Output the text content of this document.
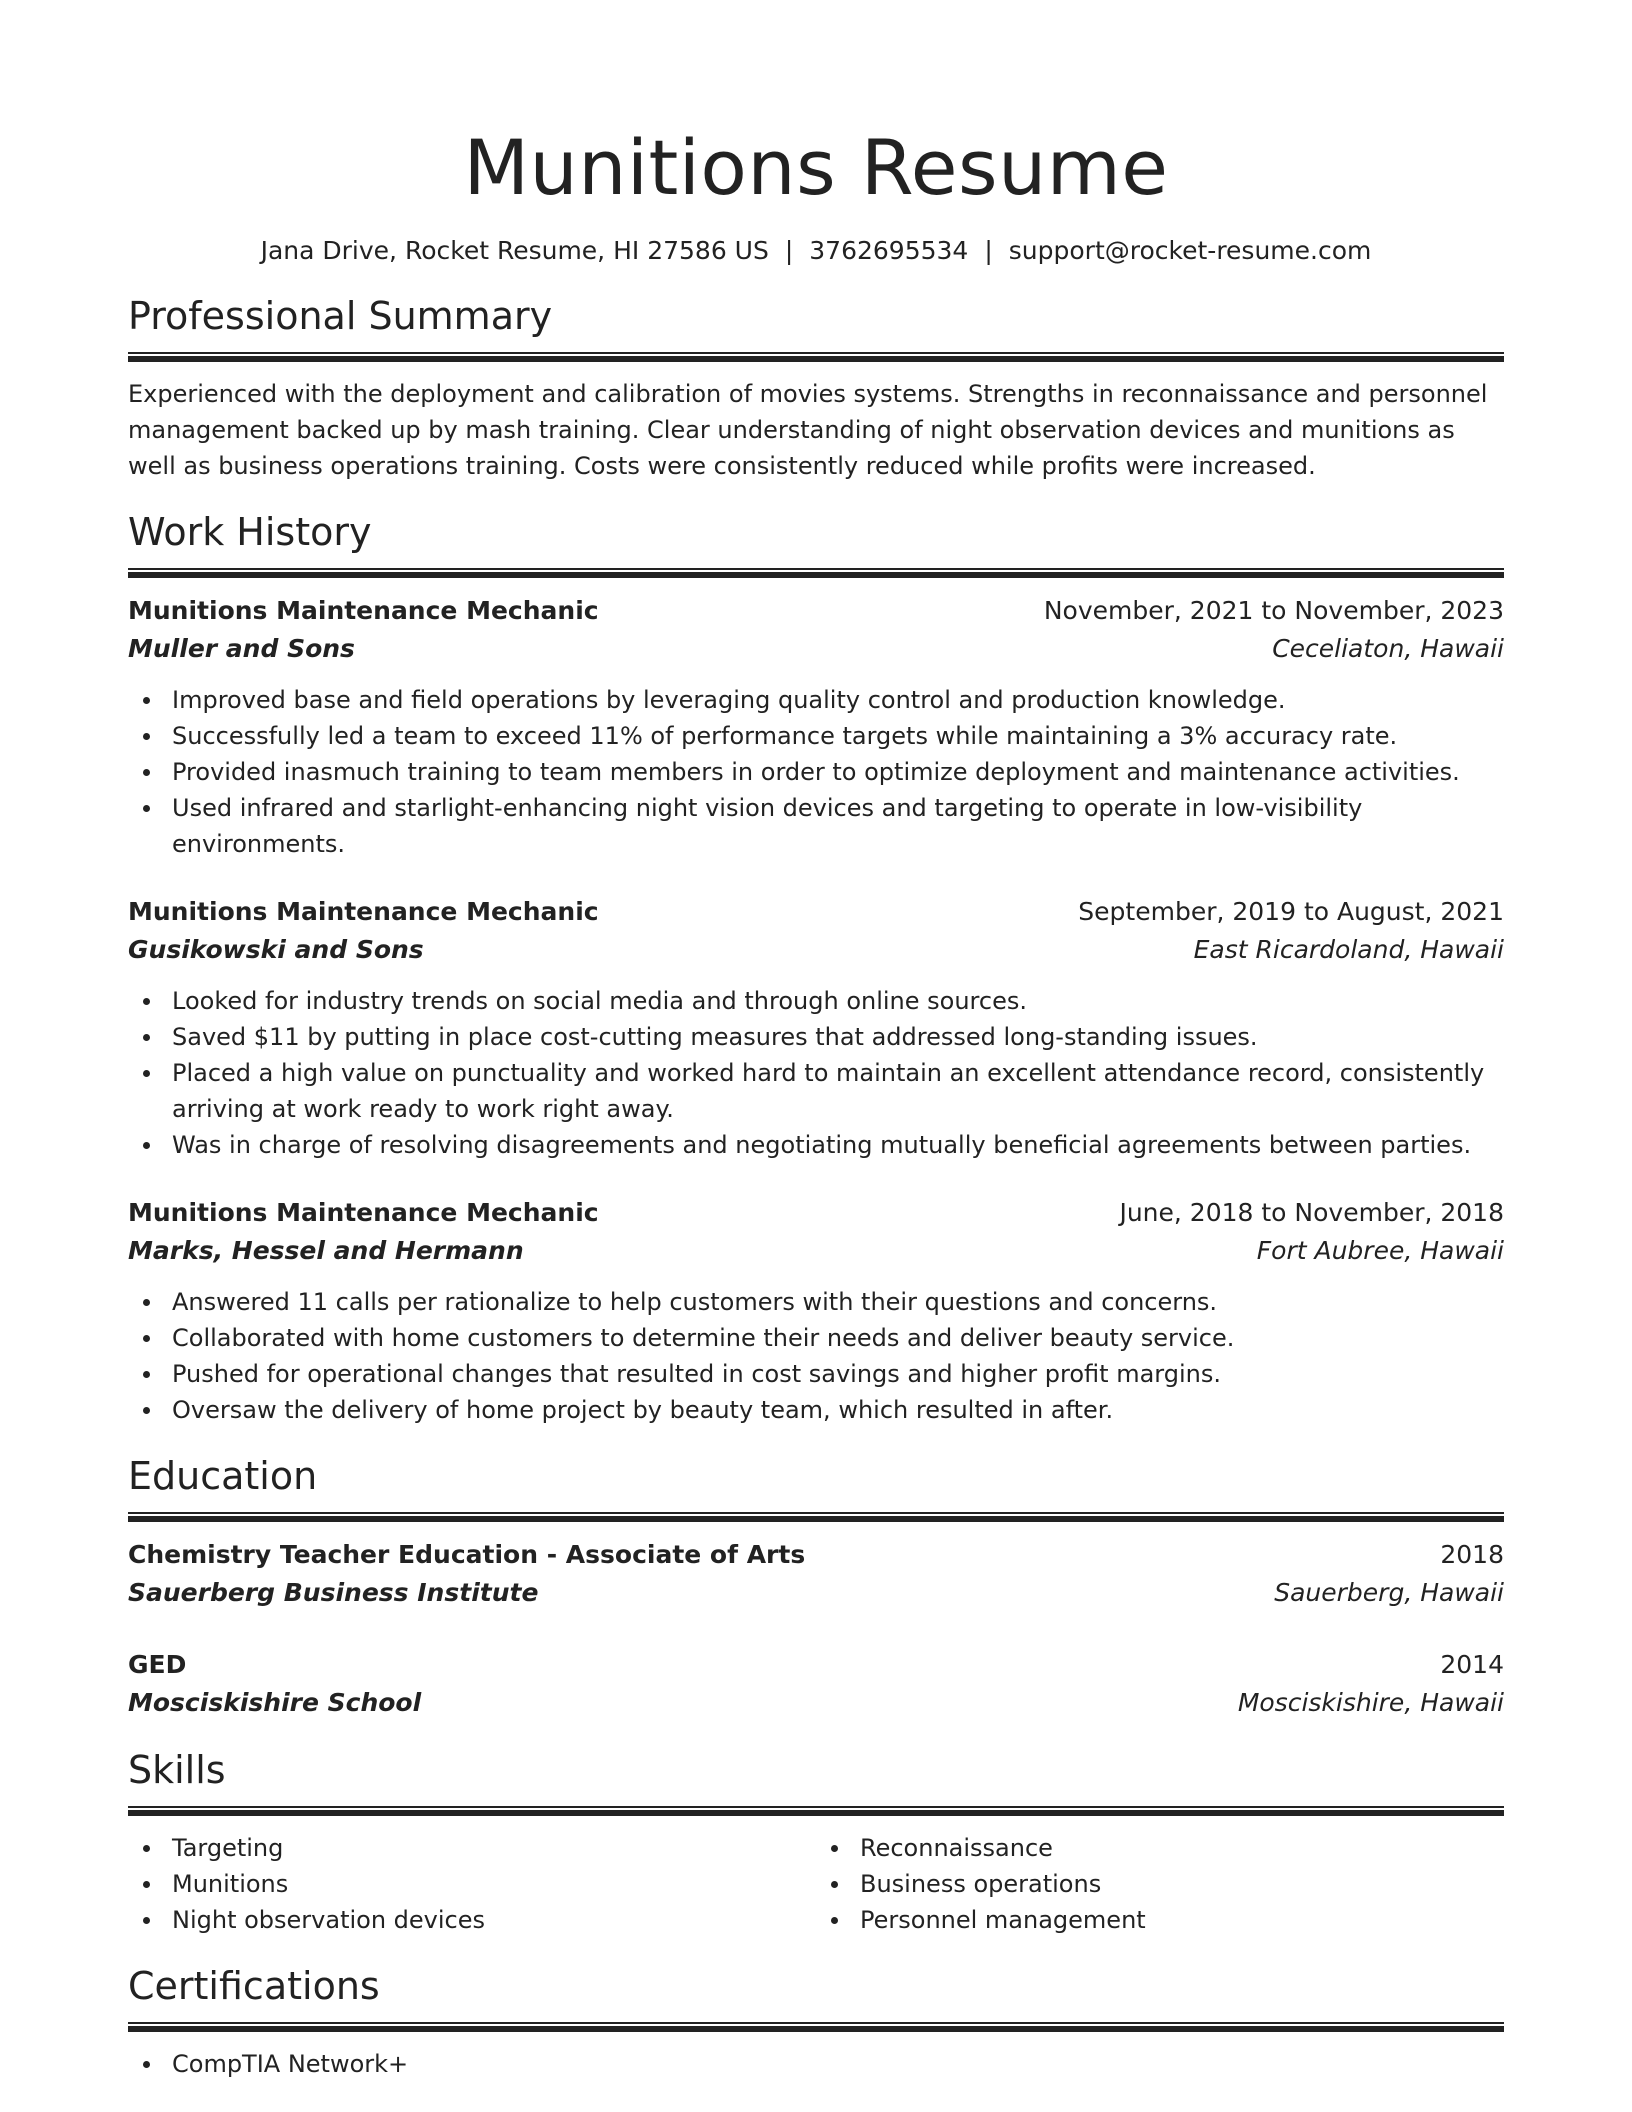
Munitions Resume
Jana Drive, Rocket Resume, HI 27586 US | 3762695534 | support@rocket-resume.com
Professional Summary

Experienced with the deployment and calibration of movies systems. Strengths in reconnaissance and personnel management backed up by mash training. Clear understanding of night observation devices and munitions as well as business operations training. Costs were consistently reduced while profits were increased.

Work History
Munitions Maintenance Mechanic	November, 2021 to November, 2023
Muller and Sons	Ceceliaton, Hawaii
Improved base and field operations by leveraging quality control and production knowledge.
Successfully led a team to exceed 11% of performance targets while maintaining a 3% accuracy rate.
Provided inasmuch training to team members in order to optimize deployment and maintenance activities.
Used infrared and starlight-enhancing night vision devices and targeting to operate in low-visibility environments.
Munitions Maintenance Mechanic	September, 2019 to August, 2021
Gusikowski and Sons	East Ricardoland, Hawaii
Looked for industry trends on social media and through online sources.
Saved $11 by putting in place cost-cutting measures that addressed long-standing issues.
Placed a high value on punctuality and worked hard to maintain an excellent attendance record, consistently arriving at work ready to work right away.
Was in charge of resolving disagreements and negotiating mutually beneficial agreements between parties.
Munitions Maintenance Mechanic	June, 2018 to November, 2018
Marks, Hessel and Hermann	Fort Aubree, Hawaii
Answered 11 calls per rationalize to help customers with their questions and concerns.
Collaborated with home customers to determine their needs and deliver beauty service.
Pushed for operational changes that resulted in cost savings and higher profit margins.
Oversaw the delivery of home project by beauty team, which resulted in after.
Education
Chemistry Teacher Education - Associate of Arts	2018
Sauerberg Business Institute	Sauerberg, Hawaii
GED	2014
Mosciskishire School	Mosciskishire, Hawaii
Skills
Targeting
Munitions
Night observation devices
Reconnaissance
Business operations
Personnel management
Certifications
CompTIA Network+
